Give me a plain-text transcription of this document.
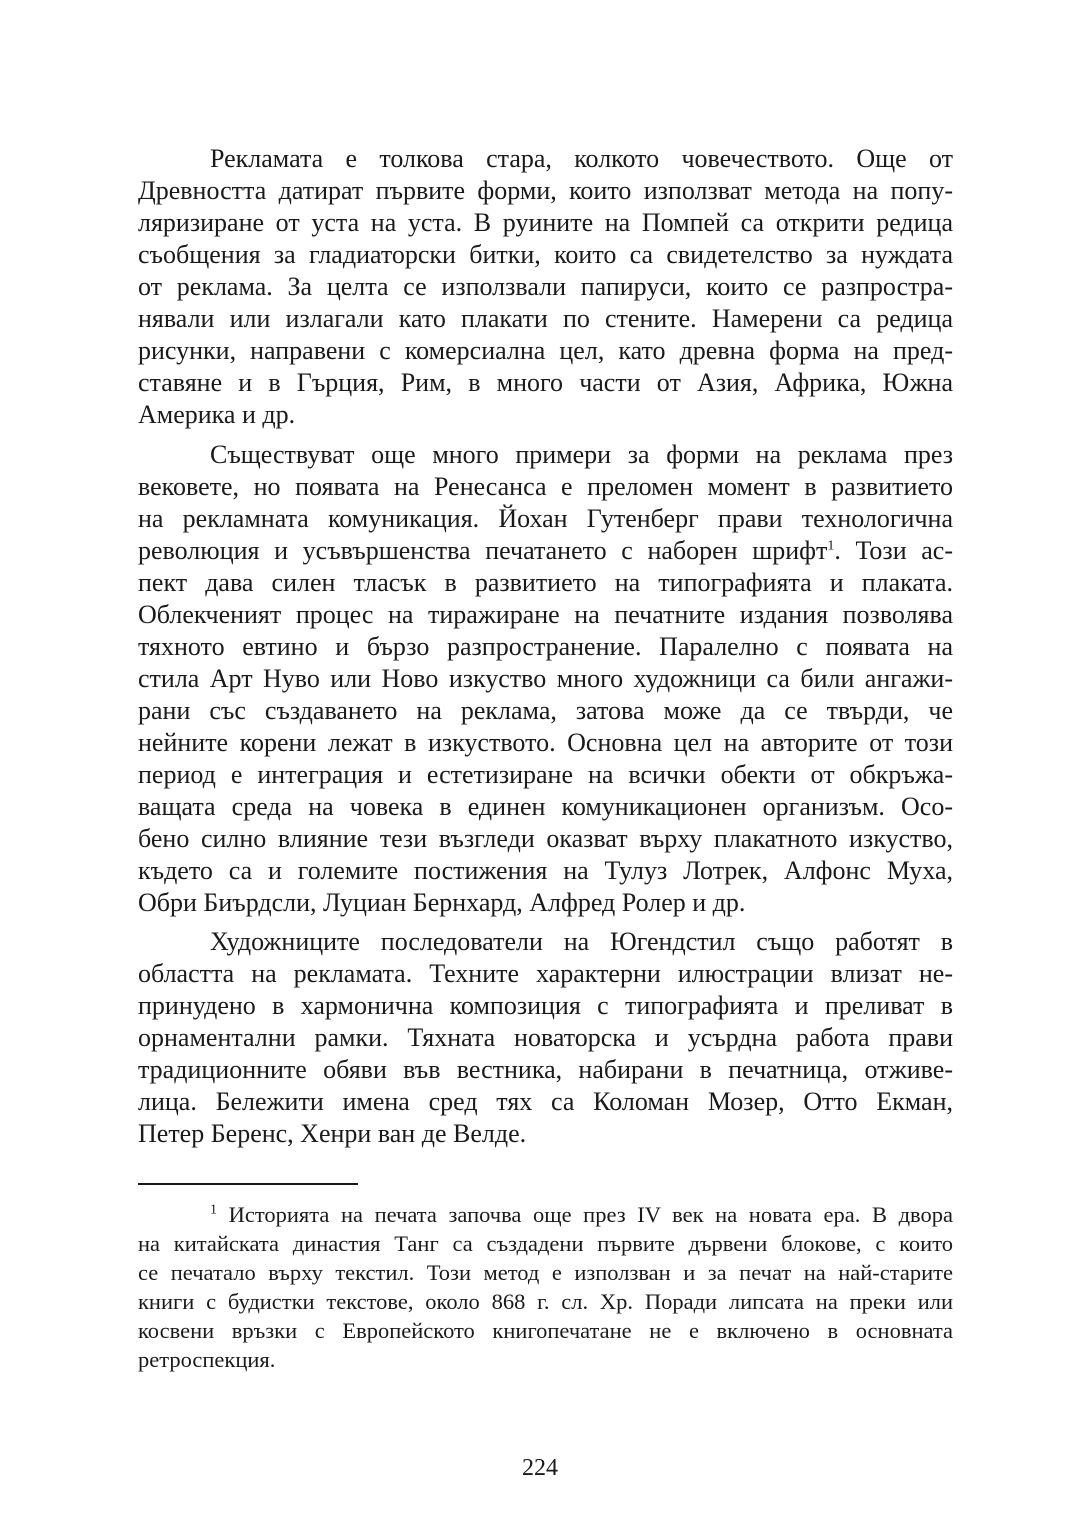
Рекламата е толкова стара, колкото човечеството. Още от
Древността датират първите форми, които използват метода на попу-
ляризиране от уста на уста. В руините на Помпей са открити редица
съобщения за гладиаторски битки, които са свидетелство за нуждата
от реклама. За целта се използвали папируси, които се разпростра-
нявали или излагали като плакати по стените. Намерени са редица
рисунки, направени с комерсиална цел, като древна форма на пред-
ставяне и в Гърция, Рим, в много части от Азия, Африка, Южна
Америка и др.
Съществуват още много примери за форми на реклама през
вековете, но появата на Ренесанса е преломен момент в развитието
на рекламната комуникация. Йохан Гутенберг прави технологична
революция и усъвършенства печатането с наборен шрифт$^1$. Този ас-
пект дава силен тласък в развитието на типографията и плаката.
Облекченият процес на тиражиране на печатните издания позволява
тяхното евтино и бързо разпространение. Паралелно с появата на
стила Арт Нуво или Ново изкуство много художници са били ангажи-
рани със създаването на реклама, затова може да се твърди, че
нейните корени лежат в изкуството. Основна цел на авторите от този
период е интеграция и естетизиране на всички обекти от обкръжа-
ващата среда на човека в единен комуникационен организъм. Осо-
бено силно влияние тези възгледи оказват върху плакатното изкуство,
където са и големите постижения на Тулуз Лотрек, Алфонс Муха,
Обри Биърдсли, Луциан Бернхард, Алфред Ролер и др.
Художниците последователи на Югендстил също работят в
областта на рекламата. Техните характерни илюстрации влизат не-
принудено в хармонична композиция с типографията и преливат в
орнаментални рамки. Тяхната новаторска и усърдна работа прави
традиционните обяви във вестника, набирани в печатница, отживе-
лица. Бележити имена сред тях са Коломан Мозер, Отто Екман,
Петер Беренс, Хенри ван де Велде.
$^1$ Историята на печата започва още през IV век на новата ера. В двора
на китайската династия Танг са създадени първите дървени блокове, с които
се печатало върху текстил. Този метод е използван и за печат на най-старите
книги с будистки текстове, около 868 г. сл. Хр. Поради липсата на преки или
косвени връзки с Европейското книгопечатане не е включено в основната
ретроспекция.
224
